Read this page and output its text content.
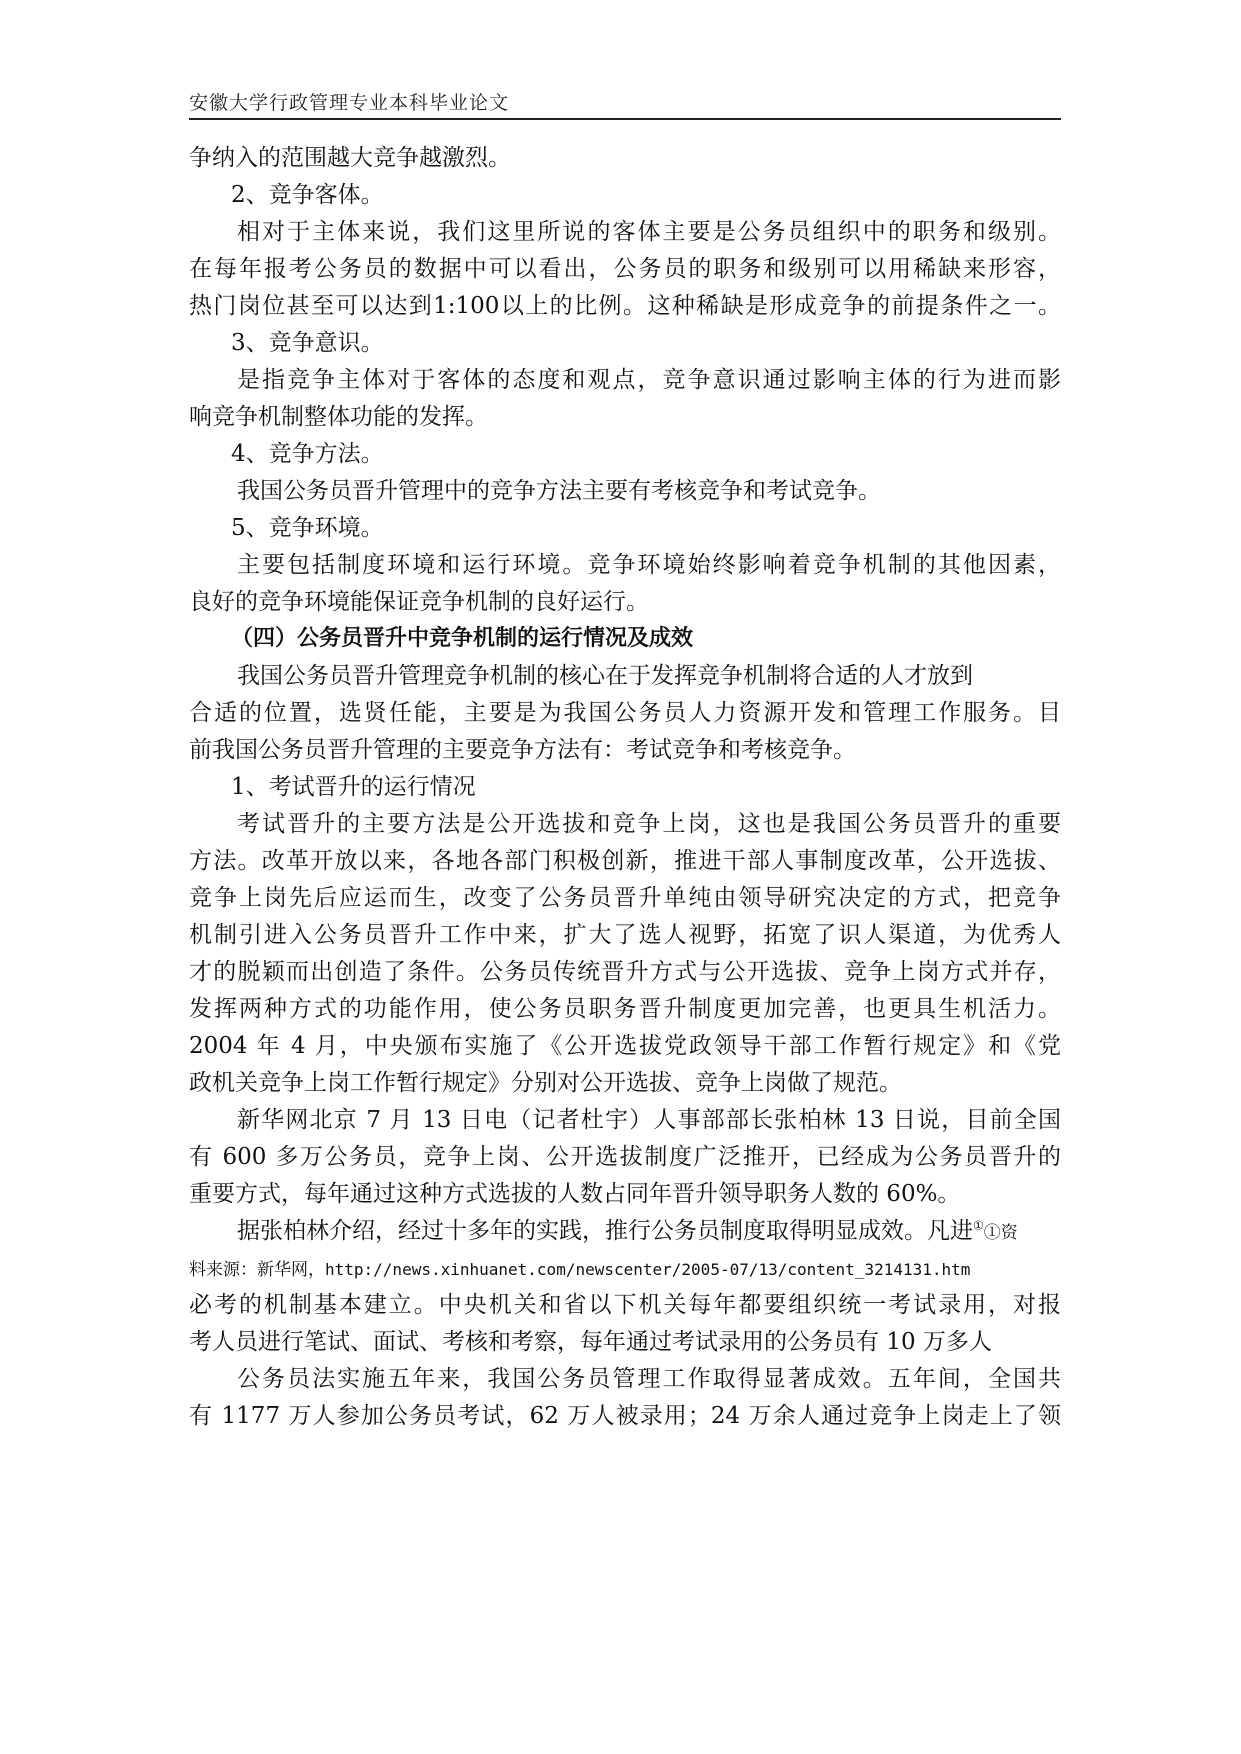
安徽大学行政管理专业本科毕业论文
争纳入的范围越大竞争越激烈。
2、竞争客体。
相对于主体来说，我们这里所说的客体主要是公务员组织中的职务和级别。
在每年报考公务员的数据中可以看出，公务员的职务和级别可以用稀缺来形容，
热门岗位甚至可以达到1:100以上的比例。这种稀缺是形成竞争的前提条件之一。
3、竞争意识。
是指竞争主体对于客体的态度和观点，竞争意识通过影响主体的行为进而影
响竞争机制整体功能的发挥。
4、竞争方法。
我国公务员晋升管理中的竞争方法主要有考核竞争和考试竞争。
5、竞争环境。
主要包括制度环境和运行环境。竞争环境始终影响着竞争机制的其他因素，
良好的竞争环境能保证竞争机制的良好运行。
（四）公务员晋升中竞争机制的运行情况及成效
我国公务员晋升管理竞争机制的核心在于发挥竞争机制将合适的人才放到
合适的位置，选贤任能，主要是为我国公务员人力资源开发和管理工作服务。目
前我国公务员晋升管理的主要竞争方法有：考试竞争和考核竞争。
1、考试晋升的运行情况
考试晋升的主要方法是公开选拔和竞争上岗，这也是我国公务员晋升的重要
方法。改革开放以来，各地各部门积极创新，推进干部人事制度改革，公开选拔、
竞争上岗先后应运而生，改变了公务员晋升单纯由领导研究决定的方式，把竞争
机制引进入公务员晋升工作中来，扩大了选人视野，拓宽了识人渠道，为优秀人
才的脱颖而出创造了条件。公务员传统晋升方式与公开选拔、竞争上岗方式并存，
发挥两种方式的功能作用，使公务员职务晋升制度更加完善，也更具生机活力。
2004 年 4 月，中央颁布实施了《公开选拔党政领导干部工作暂行规定》和《党
政机关竞争上岗工作暂行规定》分别对公开选拔、竞争上岗做了规范。
新华网北京 7 月 13 日电（记者杜宇）人事部部长张柏林 13 日说，目前全国
有 600 多万公务员，竞争上岗、公开选拔制度广泛推开，已经成为公务员晋升的
重要方式，每年通过这种方式选拔的人数占同年晋升领导职务人数的 60%。
据张柏林介绍，经过十多年的实践，推行公务员制度取得明显成效。凡进①①资
料来源：新华网，http://news.xinhuanet.com/newscenter/2005-07/13/content_3214131.htm
必考的机制基本建立。中央机关和省以下机关每年都要组织统一考试录用，对报
考人员进行笔试、面试、考核和考察，每年通过考试录用的公务员有 10 万多人
公务员法实施五年来，我国公务员管理工作取得显著成效。五年间，全国共
有 1177 万人参加公务员考试，62 万人被录用；24 万余人通过竞争上岗走上了领
